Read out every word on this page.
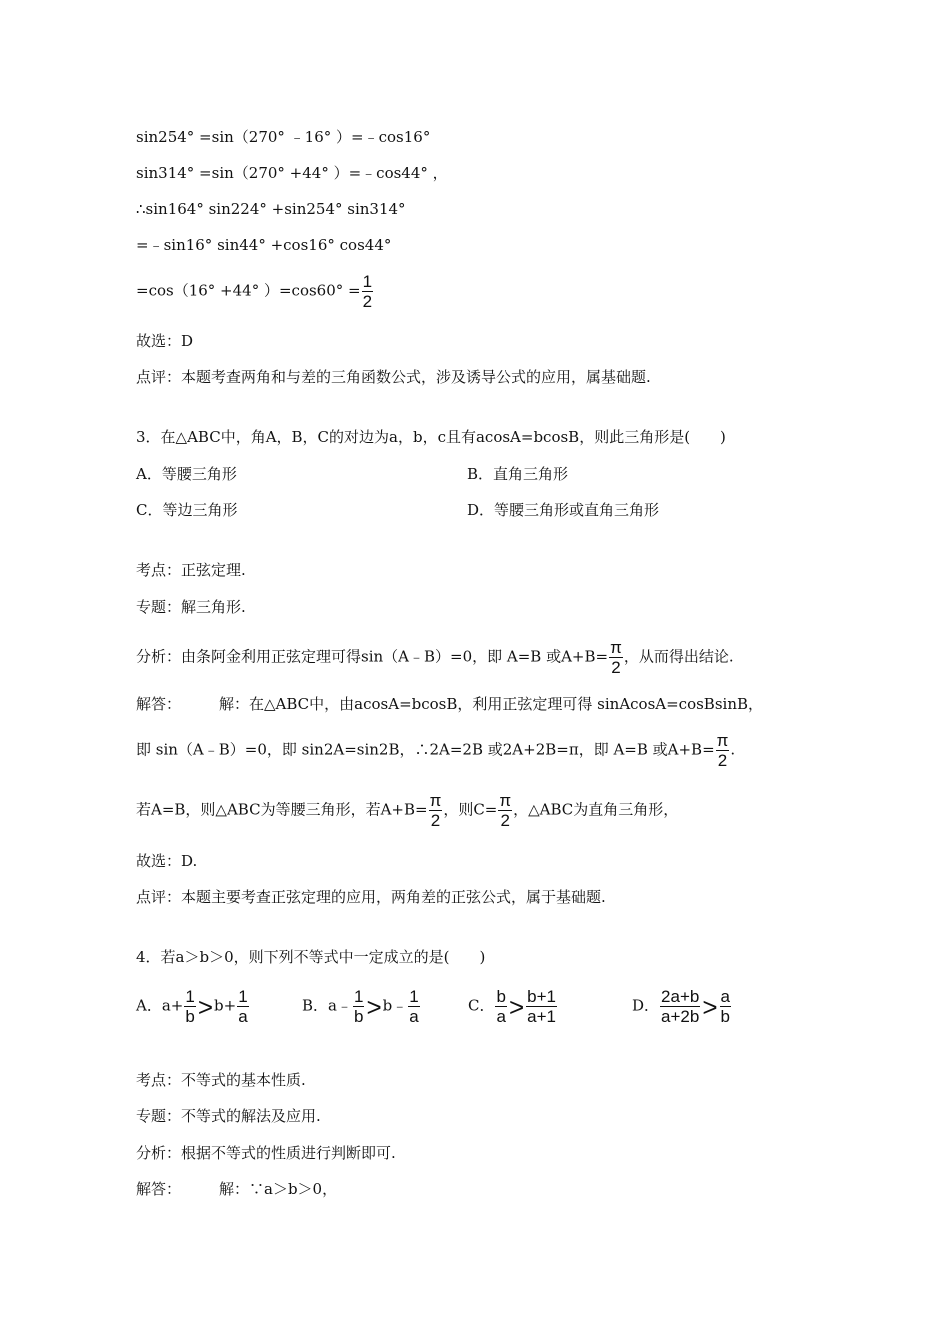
sin254° =sin（270° ﹣16° ）=﹣cos16°
sin314° =sin（270° +44° ）=﹣cos44° ，
∴sin164° sin224° +sin254° sin314°
=﹣sin16° sin44° +cos16° cos44°
=cos（16° +44° ）$=\cos 60^\circ = \frac{1}{2}$
故选：D
点评：本题考查两角和与差的三角函数公式，涉及诱导公式的应用，属基础题.
3．在△ABC中，角A，B，C的对边为a，b，c且有acosA=bcosB，则此三角形是(　　)
A．等腰三角形	B．直角三角形
C．等边三角形	D．等腰三角形或直角三角形
考点：正弦定理.
专题：解三角形.
分析：由条阿金利用正弦定理可得sin（A﹣B）=0，即 A=B 或$A+B= \frac{\pi}{2}$ ，从而得出结论.
解答：	解：在△ABC中，由acosA=bcosB，利用正弦定理可得 sinAcosA=cosBsinB，
即 sin（A﹣B）=0，即 sin2A=sin2B，∴2A=2B 或2A+2B=π，即 A=B 或$A+B= \frac{\pi}{2}$ .
若A=B，则△ABC为等腰三角形，若$A+B= \frac{\pi}{2}$ ，则$C= \frac{\pi}{2}$ ，△ABC为直角三角形，
故选：D.
点评：本题主要考查正弦定理的应用，两角差的正弦公式，属于基础题.
4．若a＞b＞0，则下列不等式中一定成立的是(　　)
A．$a+ \frac{1}{b} >b+ \frac{1}{a}$	B．a﹣ $\frac{1}{b}$ >b﹣ $\frac{1}{a}$	C． $\frac{b}{a} > \frac{b+1}{a+1}$	D． $\frac{2a+b}{a+2b} > \frac{a}{b}$
考点：不等式的基本性质.
专题：不等式的解法及应用.
分析：根据不等式的性质进行判断即可.
解答：	解：∵a＞b＞0，
